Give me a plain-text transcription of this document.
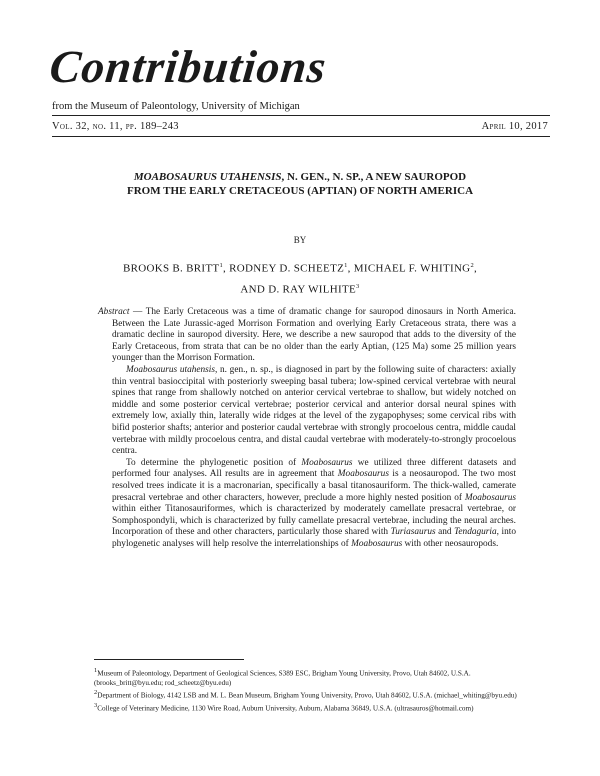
Contributions
from the Museum of Paleontology, University of Michigan
Vol. 32, no. 11, pp. 189–243	April 10, 2017
MOABOSAURUS UTAHENSIS, N. GEN., N. SP., A NEW SAUROPOD
FROM THE EARLY CRETACEOUS (APTIAN) OF NORTH AMERICA
BY
BROOKS B. BRITT$^1$, RODNEY D. SCHEETZ$^1$, MICHAEL F. WHITING$^2$,
AND D. RAY WILHITE$^3$

Abstract — The Early Cretaceous was a time of dramatic change for sauropod dinosaurs in North America. Between the Late Jurassic-aged Morrison Formation and overlying Early Cretaceous strata, there was a dramatic decline in sauropod diversity. Here, we describe a new sauropod that adds to the diversity of the Early Cretaceous, from strata that can be no older than the early Aptian, (125 Ma) some 25 million years younger than the Morrison Formation.

Moabosaurus utahensis, n. gen., n. sp., is diagnosed in part by the following suite of characters: axially thin ventral basioccipital with posteriorly sweeping basal tubera; low-spined cervical vertebrae with neural spines that range from shallowly notched on anterior cervical vertebrae to shallow, but widely notched on middle and some posterior cervical vertebrae; posterior cervical and anterior dorsal neural spines with extremely low, axially thin, laterally wide ridges at the level of the zygapophyses; some cervical ribs with bifid posterior shafts; anterior and posterior caudal vertebrae with strongly procoelous centra, middle caudal vertebrae with mildly procoelous centra, and distal caudal vertebrae with moderately-to-strongly procoelous centra.

To determine the phylogenetic position of Moabosaurus we utilized three different datasets and performed four analyses. All results are in agreement that Moabosaurus is a neosauropod. The two most resolved trees indicate it is a macronarian, specifically a basal titanosauriform. The thick-walled, camerate presacral vertebrae and other characters, however, preclude a more highly nested position of Moabosaurus within either Titanosauriformes, which is characterized by moderately camellate presacral vertebrae, or Somphospondyli, which is characterized by fully camellate presacral vertebrae, including the neural arches. Incorporation of these and other characters, particularly those shared with Turiasaurus and Tendaguria, into phylogenetic analyses will help resolve the interrelationships of Moabosaurus with other neosauropods.

$^1$Museum of Paleontology, Department of Geological Sciences, S389 ESC, Brigham Young University, Provo, Utah 84602, U.S.A. (brooks_britt@byu.edu; rod_scheetz@byu.edu)
$^2$Department of Biology, 4142 LSB and M. L. Bean Museum, Brigham Young University, Provo, Utah 84602, U.S.A. (michael_whiting@byu.edu)
$^3$College of Veterinary Medicine, 1130 Wire Road, Auburn University, Auburn, Alabama 36849, U.S.A. (ultrasauros@hotmail.com)
